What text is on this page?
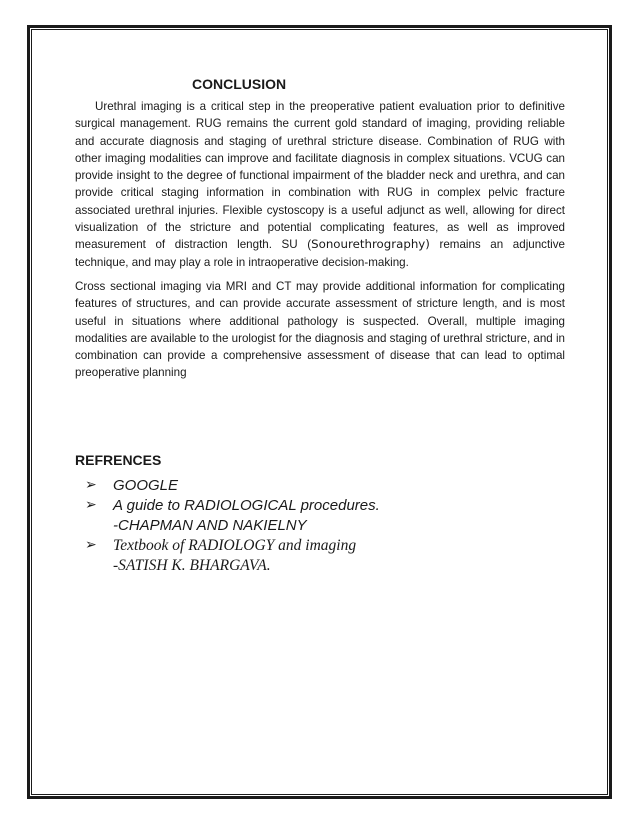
CONCLUSION

Urethral imaging is a critical step in the preoperative patient evaluation prior to definitive surgical management. RUG remains the current gold standard of imaging, providing reliable and accurate diagnosis and staging of urethral stricture disease. Combination of RUG with other imaging modalities can improve and facilitate diagnosis in complex situations. VCUG can provide insight to the degree of functional impairment of the bladder neck and urethra, and can provide critical staging information in combination with RUG in complex pelvic fracture associated urethral injuries. Flexible cystoscopy is a useful adjunct as well, allowing for direct visualization of the stricture and potential complicating features, as well as improved measurement of distraction length. SU (Sonourethrography) remains an adjunctive technique, and may play a role in intraoperative decision-making.

Cross sectional imaging via MRI and CT may provide additional information for complicating features of structures, and can provide accurate assessment of stricture length, and is most useful in situations where additional pathology is suspected. Overall, multiple imaging modalities are available to the urologist for the diagnosis and staging of urethral stricture, and in combination can provide a comprehensive assessment of disease that can lead to optimal preoperative planning

REFRENCES
➢	GOOGLE
➢	A guide to RADIOLOGICAL procedures.
-CHAPMAN AND NAKIELNY
➢	Textbook of RADIOLOGY and imaging
-SATISH K. BHARGAVA.
